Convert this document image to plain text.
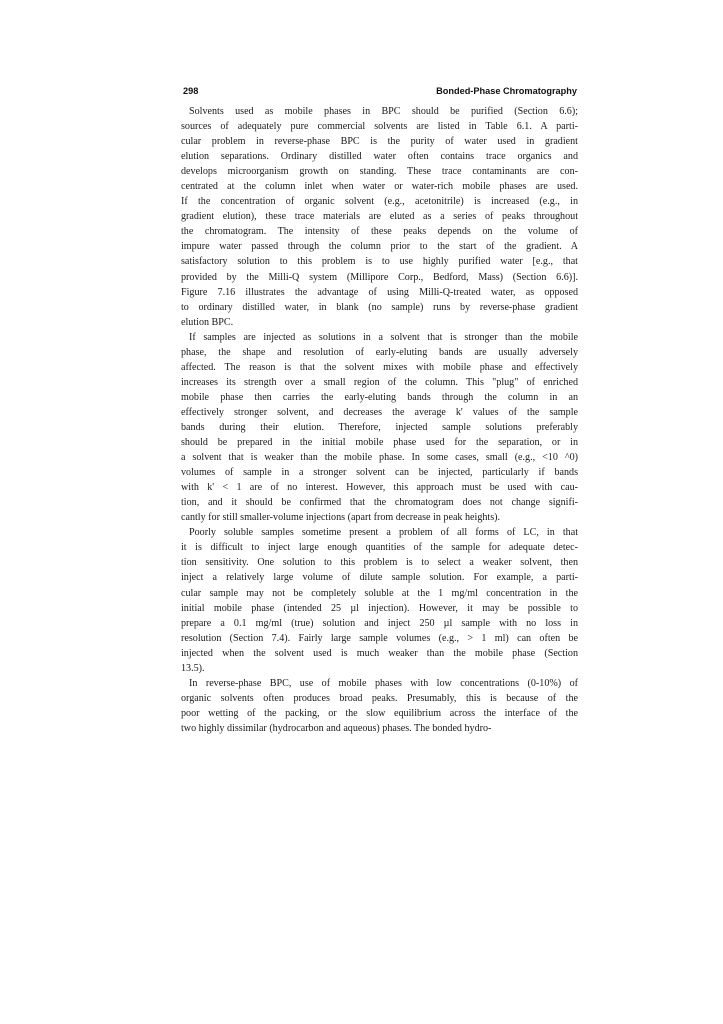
298	Bonded-Phase Chromatography
Solvents used as mobile phases in BPC should be purified (Section 6.6);
sources of adequately pure commercial solvents are listed in Table 6.1. A parti-
cular problem in reverse-phase BPC is the purity of water used in gradient
elution separations. Ordinary distilled water often contains trace organics and
develops microorganism growth on standing. These trace contaminants are con-
centrated at the column inlet when water or water-rich mobile phases are used.
If the concentration of organic solvent (e.g., acetonitrile) is increased (e.g., in
gradient elution), these trace materials are eluted as a series of peaks throughout
the chromatogram. The intensity of these peaks depends on the volume of
impure water passed through the column prior to the start of the gradient. A
satisfactory solution to this problem is to use highly purified water [e.g., that
provided by the Milli-Q system (Millipore Corp., Bedford, Mass) (Section 6.6)].
Figure 7.16 illustrates the advantage of using Milli-Q-treated water, as opposed
to ordinary distilled water, in blank (no sample) runs by reverse-phase gradient
elution BPC.
If samples are injected as solutions in a solvent that is stronger than the mobile
phase, the shape and resolution of early-eluting bands are usually adversely
affected. The reason is that the solvent mixes with mobile phase and effectively
increases its strength over a small region of the column. This "plug" of enriched
mobile phase then carries the early-eluting bands through the column in an
effectively stronger solvent, and decreases the average k' values of the sample
bands during their elution. Therefore, injected sample solutions preferably
should be prepared in the initial mobile phase used for the separation, or in
a solvent that is weaker than the mobile phase. In some cases, small (e.g., <10 ^0)
volumes of sample in a stronger solvent can be injected, particularly if bands
with k' < 1 are of no interest. However, this approach must be used with cau-
tion, and it should be confirmed that the chromatogram does not change signifi-
cantly for still smaller-volume injections (apart from decrease in peak heights).
Poorly soluble samples sometime present a problem of all forms of LC, in that
it is difficult to inject large enough quantities of the sample for adequate detec-
tion sensitivity. One solution to this problem is to select a weaker solvent, then
inject a relatively large volume of dilute sample solution. For example, a parti-
cular sample may not be completely soluble at the 1 mg/ml concentration in the
initial mobile phase (intended 25 µl injection). However, it may be possible to
prepare a 0.1 mg/ml (true) solution and inject 250 µl sample with no loss in
resolution (Section 7.4). Fairly large sample volumes (e.g., > 1 ml) can often be
injected when the solvent used is much weaker than the mobile phase (Section
13.5).
In reverse-phase BPC, use of mobile phases with low concentrations (0-10%) of
organic solvents often produces broad peaks. Presumably, this is because of the
poor wetting of the packing, or the slow equilibrium across the interface of the
two highly dissimilar (hydrocarbon and aqueous) phases. The bonded hydro-
